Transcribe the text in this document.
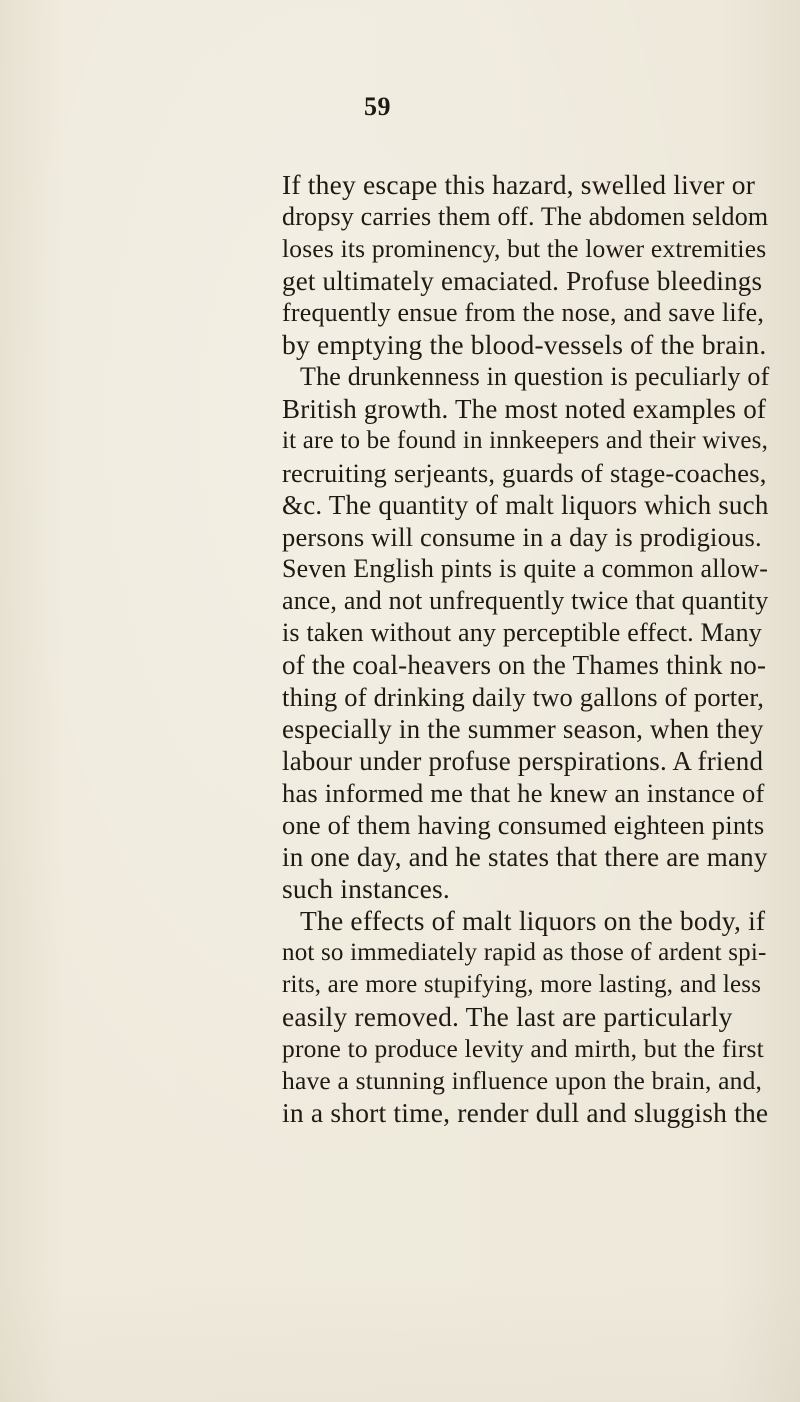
59
If they escape this hazard, swelled liver or
dropsy carries them off. The abdomen seldom
loses its prominency, but the lower extremities
get ultimately emaciated. Profuse bleedings
frequently ensue from the nose, and save life,
by emptying the blood-vessels of the brain.
The drunkenness in question is peculiarly of
British growth. The most noted examples of
it are to be found in innkeepers and their wives,
recruiting serjeants, guards of stage-coaches,
&c. The quantity of malt liquors which such
persons will consume in a day is prodigious.
Seven English pints is quite a common allow-
ance, and not unfrequently twice that quantity
is taken without any perceptible effect. Many
of the coal-heavers on the Thames think no-
thing of drinking daily two gallons of porter,
especially in the summer season, when they
labour under profuse perspirations. A friend
has informed me that he knew an instance of
one of them having consumed eighteen pints
in one day, and he states that there are many
such instances.
The effects of malt liquors on the body, if
not so immediately rapid as those of ardent spi-
rits, are more stupifying, more lasting, and less
easily removed. The last are particularly
prone to produce levity and mirth, but the first
have a stunning influence upon the brain, and,
in a short time, render dull and sluggish the
